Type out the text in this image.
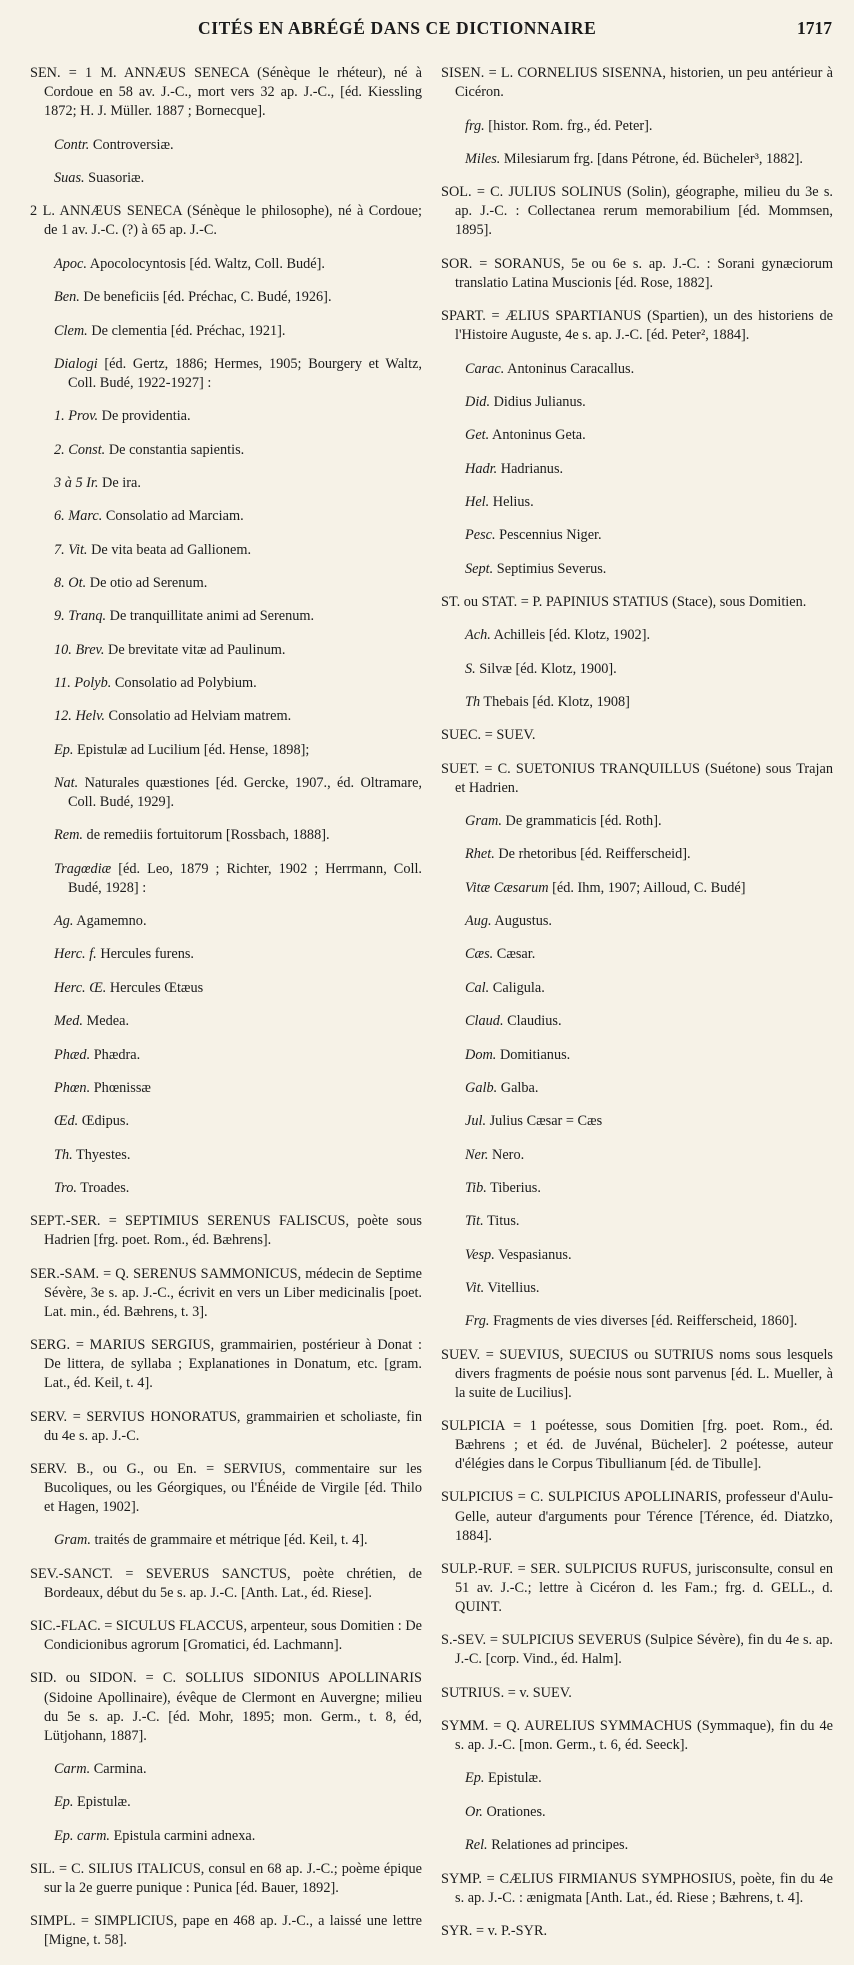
CITÉS EN ABRÉGÉ DANS CE DICTIONNAIRE	1717

SEN. = 1 M. ANNÆUS SENECA (Sénèque le rhéteur), né à Cordoue en 58 av. J.-C., mort vers 32 ap. J.-C., [éd. Kiessling 1872; H. J. Müller. 1887 ; Bornecque].

Contr. Controversiæ.

Suas. Suasoriæ.

2 L. ANNÆUS SENECA (Sénèque le philosophe), né à Cordoue; de 1 av. J.-C. (?) à 65 ap. J.-C.

Apoc. Apocolocyntosis [éd. Waltz, Coll. Budé].

Ben. De beneficiis [éd. Préchac, C. Budé, 1926].

Clem. De clementia [éd. Préchac, 1921].

Dialogi [éd. Gertz, 1886; Hermes, 1905; Bourgery et Waltz, Coll. Budé, 1922-1927] :

1. Prov. De providentia.

2. Const. De constantia sapientis.

3 à 5 Ir. De ira.

6. Marc. Consolatio ad Marciam.

7. Vit. De vita beata ad Gallionem.

8. Ot. De otio ad Serenum.

9. Tranq. De tranquillitate animi ad Serenum.

10. Brev. De brevitate vitæ ad Paulinum.

11. Polyb. Consolatio ad Polybium.

12. Helv. Consolatio ad Helviam matrem.

Ep. Epistulæ ad Lucilium [éd. Hense, 1898];

Nat. Naturales quæstiones [éd. Gercke, 1907., éd. Oltramare, Coll. Budé, 1929].

Rem. de remediis fortuitorum [Rossbach, 1888].

Tragœdiæ [éd. Leo, 1879 ; Richter, 1902 ; Herrmann, Coll. Budé, 1928] :

Ag. Agamemno.

Herc. f. Hercules furens.

Herc. Œ. Hercules Œtæus

Med. Medea.

Phæd. Phædra.

Phœn. Phœnissæ

Œd. Œdipus.

Th. Thyestes.

Tro. Troades.

SEPT.-SER. = SEPTIMIUS SERENUS FALISCUS, poète sous Hadrien [frg. poet. Rom., éd. Bæhrens].

SER.-SAM. = Q. SERENUS SAMMONICUS, médecin de Septime Sévère, 3e s. ap. J.-C., écrivit en vers un Liber medicinalis [poet. Lat. min., éd. Bæhrens, t. 3].

SERG. = MARIUS SERGIUS, grammairien, postérieur à Donat : De littera, de syllaba ; Explanationes in Donatum, etc. [gram. Lat., éd. Keil, t. 4].

SERV. = SERVIUS HONORATUS, grammairien et scholiaste, fin du 4e s. ap. J.-C.

SERV. B., ou G., ou En. = SERVIUS, commentaire sur les Bucoliques, ou les Géorgiques, ou l'Énéide de Virgile [éd. Thilo et Hagen, 1902].

Gram. traités de grammaire et métrique [éd. Keil, t. 4].

SEV.-SANCT. = SEVERUS SANCTUS, poète chrétien, de Bordeaux, début du 5e s. ap. J.-C. [Anth. Lat., éd. Riese].

SIC.-FLAC. = SICULUS FLACCUS, arpenteur, sous Domitien : De Condicionibus agrorum [Gromatici, éd. Lachmann].

SID. ou SIDON. = C. SOLLIUS SIDONIUS APOLLINARIS (Sidoine Apollinaire), évêque de Clermont en Auvergne; milieu du 5e s. ap. J.-C. [éd. Mohr, 1895; mon. Germ., t. 8, éd, Lütjohann, 1887].

Carm. Carmina.

Ep. Epistulæ.

Ep. carm. Epistula carmini adnexa.

SIL. = C. SILIUS ITALICUS, consul en 68 ap. J.-C.; poème épique sur la 2e guerre punique : Punica [éd. Bauer, 1892].

SIMPL. = SIMPLICIUS, pape en 468 ap. J.-C., a laissé une lettre [Migne, t. 58].

SISEN. = L. CORNELIUS SISENNA, historien, un peu antérieur à Cicéron.

frg. [histor. Rom. frg., éd. Peter].

Miles. Milesiarum frg. [dans Pétrone, éd. Bücheler³, 1882].

SOL. = C. JULIUS SOLINUS (Solin), géographe, milieu du 3e s. ap. J.-C. : Collectanea rerum memorabilium [éd. Mommsen, 1895].

SOR. = SORANUS, 5e ou 6e s. ap. J.-C. : Sorani gynæciorum translatio Latina Muscionis [éd. Rose, 1882].

SPART. = ÆLIUS SPARTIANUS (Spartien), un des historiens de l'Histoire Auguste, 4e s. ap. J.-C. [éd. Peter², 1884].

Carac. Antoninus Caracallus.

Did. Didius Julianus.

Get. Antoninus Geta.

Hadr. Hadrianus.

Hel. Helius.

Pesc. Pescennius Niger.

Sept. Septimius Severus.

ST. ou STAT. = P. PAPINIUS STATIUS (Stace), sous Domitien.

Ach. Achilleis [éd. Klotz, 1902].

S. Silvæ [éd. Klotz, 1900].

Th Thebais [éd. Klotz, 1908]

SUEC. = SUEV.

SUET. = C. SUETONIUS TRANQUILLUS (Suétone) sous Trajan et Hadrien.

Gram. De grammaticis [éd. Roth].

Rhet. De rhetoribus [éd. Reifferscheid].

Vitæ Cæsarum [éd. Ihm, 1907; Ailloud, C. Budé]

Aug. Augustus.

Cæs. Cæsar.

Cal. Caligula.

Claud. Claudius.

Dom. Domitianus.

Galb. Galba.

Jul. Julius Cæsar = Cæs

Ner. Nero.

Tib. Tiberius.

Tit. Titus.

Vesp. Vespasianus.

Vit. Vitellius.

Frg. Fragments de vies diverses [éd. Reifferscheid, 1860].

SUEV. = SUEVIUS, SUECIUS ou SUTRIUS noms sous lesquels divers fragments de poésie nous sont parvenus [éd. L. Mueller, à la suite de Lucilius].

SULPICIA = 1 poétesse, sous Domitien [frg. poet. Rom., éd. Bæhrens ; et éd. de Juvénal, Bücheler]. 2 poétesse, auteur d'élégies dans le Corpus Tibullianum [éd. de Tibulle].

SULPICIUS = C. SULPICIUS APOLLINARIS, professeur d'Aulu-Gelle, auteur d'arguments pour Térence [Térence, éd. Diatzko, 1884].

SULP.-RUF. = SER. SULPICIUS RUFUS, jurisconsulte, consul en 51 av. J.-C.; lettre à Cicéron d. les Fam.; frg. d. GELL., d. QUINT.

S.-SEV. = SULPICIUS SEVERUS (Sulpice Sévère), fin du 4e s. ap. J.-C. [corp. Vind., éd. Halm].

SUTRIUS. = v. SUEV.

SYMM. = Q. AURELIUS SYMMACHUS (Symmaque), fin du 4e s. ap. J.-C. [mon. Germ., t. 6, éd. Seeck].

Ep. Epistulæ.

Or. Orationes.

Rel. Relationes ad principes.

SYMP. = CÆLIUS FIRMIANUS SYMPHOSIUS, poète, fin du 4e s. ap. J.-C. : ænigmata [Anth. Lat., éd. Riese ; Bæhrens, t. 4].

SYR. = v. P.-SYR.
